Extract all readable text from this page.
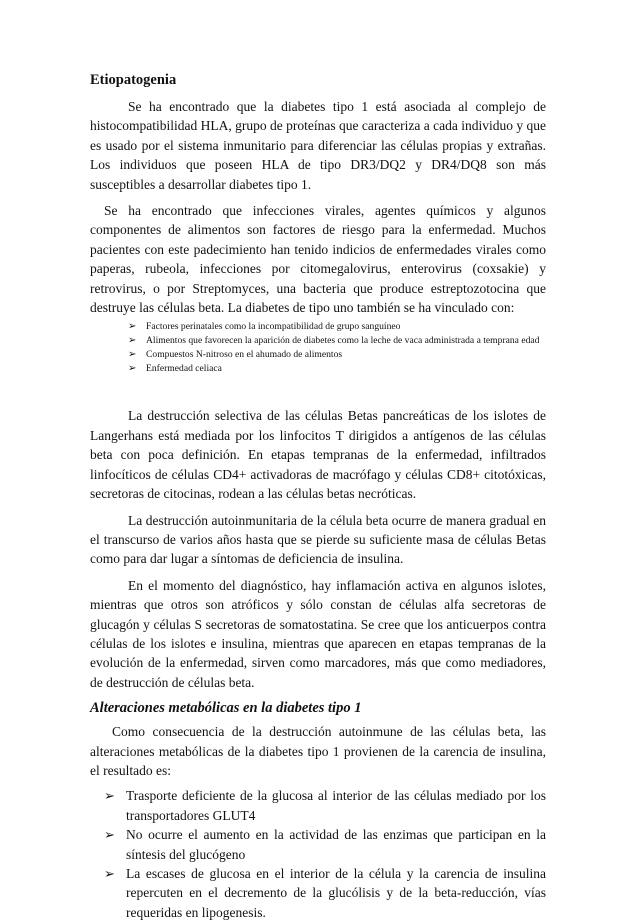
Etiopatogenia

Se ha encontrado que la diabetes tipo 1 está asociada al complejo de histocompatibilidad HLA, grupo de proteínas que caracteriza a cada individuo y que es usado por el sistema inmunitario para diferenciar las células propias y extrañas. Los individuos que poseen HLA de tipo DR3/DQ2 y DR4/DQ8 son más susceptibles a desarrollar diabetes tipo 1.

Se ha encontrado que infecciones virales, agentes químicos y algunos componentes de alimentos son factores de riesgo para la enfermedad. Muchos pacientes con este padecimiento han tenido indicios de enfermedades virales como paperas, rubeola, infecciones por citomegalovirus, enterovirus (coxsakie) y retrovirus, o por Streptomyces, una bacteria que produce estreptozotocina que destruye las células beta. La diabetes de tipo uno también se ha vinculado con:

➢ Factores perinatales como la incompatibilidad de grupo sanguíneo
➢ Alimentos que favorecen la aparición de diabetes como la leche de vaca administrada a temprana edad
➢ Compuestos N-nitroso en el ahumado de alimentos
➢ Enfermedad celiaca

La destrucción selectiva de las células Betas pancreáticas de los islotes de Langerhans está mediada por los linfocitos T dirigidos a antígenos de las células beta con poca definición. En etapas tempranas de la enfermedad, infiltrados linfocíticos de células CD4+ activadoras de macrófago y células CD8+ citotóxicas, secretoras de citocinas, rodean a las células betas necróticas.

La destrucción autoinmunitaria de la célula beta ocurre de manera gradual en el transcurso de varios años hasta que se pierde su suficiente masa de células Betas como para dar lugar a síntomas de deficiencia de insulina.

En el momento del diagnóstico, hay inflamación activa en algunos islotes, mientras que otros son atróficos y sólo constan de células alfa secretoras de glucagón y células S secretoras de somatostatina. Se cree que los anticuerpos contra células de los islotes e insulina, mientras que aparecen en etapas tempranas de la evolución de la enfermedad, sirven como marcadores, más que como mediadores, de destrucción de células beta.

Alteraciones metabólicas en la diabetes tipo 1

Como consecuencia de la destrucción autoinmune de las células beta, las alteraciones metabólicas de la diabetes tipo 1 provienen de la carencia de insulina, el resultado es:

➢ Trasporte deficiente de la glucosa al interior de las células mediado por los transportadores GLUT4
➢ No ocurre el aumento en la actividad de las enzimas que participan en la síntesis del glucógeno
➢ La escases de glucosa en el interior de la célula y la carencia de insulina repercuten en el decremento de la glucólisis y de la beta-reducción, vías requeridas en lipogenesis.
